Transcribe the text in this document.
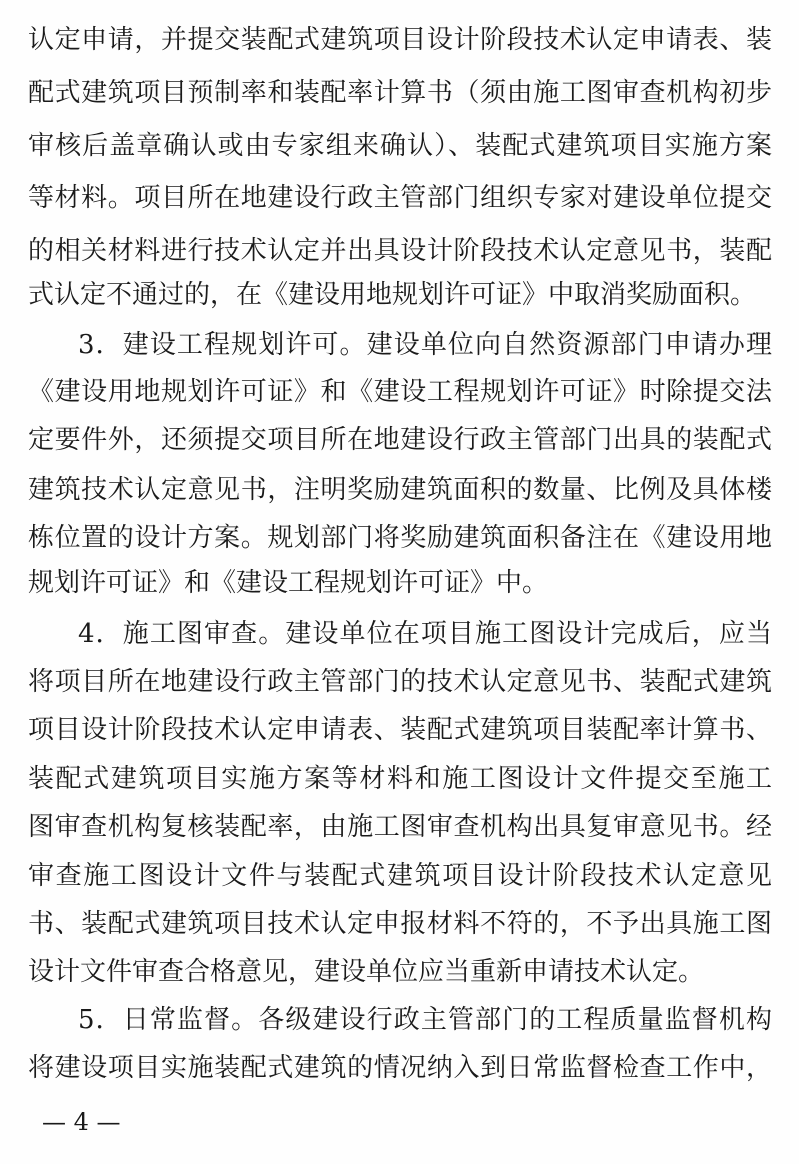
认定申请，并提交装配式建筑项目设计阶段技术认定申请表、装
配式建筑项目预制率和装配率计算书（须由施工图审查机构初步
审核后盖章确认或由专家组来确认）、装配式建筑项目实施方案
等材料。项目所在地建设行政主管部门组织专家对建设单位提交
的相关材料进行技术认定并出具设计阶段技术认定意见书，装配
式认定不通过的，在《建设用地规划许可证》中取消奖励面积。
3．建设工程规划许可。建设单位向自然资源部门申请办理
《建设用地规划许可证》和《建设工程规划许可证》时除提交法
定要件外，还须提交项目所在地建设行政主管部门出具的装配式
建筑技术认定意见书，注明奖励建筑面积的数量、比例及具体楼
栋位置的设计方案。规划部门将奖励建筑面积备注在《建设用地
规划许可证》和《建设工程规划许可证》中。
4．施工图审查。建设单位在项目施工图设计完成后，应当
将项目所在地建设行政主管部门的技术认定意见书、装配式建筑
项目设计阶段技术认定申请表、装配式建筑项目装配率计算书、
装配式建筑项目实施方案等材料和施工图设计文件提交至施工
图审查机构复核装配率，由施工图审查机构出具复审意见书。经
审查施工图设计文件与装配式建筑项目设计阶段技术认定意见
书、装配式建筑项目技术认定申报材料不符的，不予出具施工图
设计文件审查合格意见，建设单位应当重新申请技术认定。
5．日常监督。各级建设行政主管部门的工程质量监督机构
将建设项目实施装配式建筑的情况纳入到日常监督检查工作中，
— 4 —
